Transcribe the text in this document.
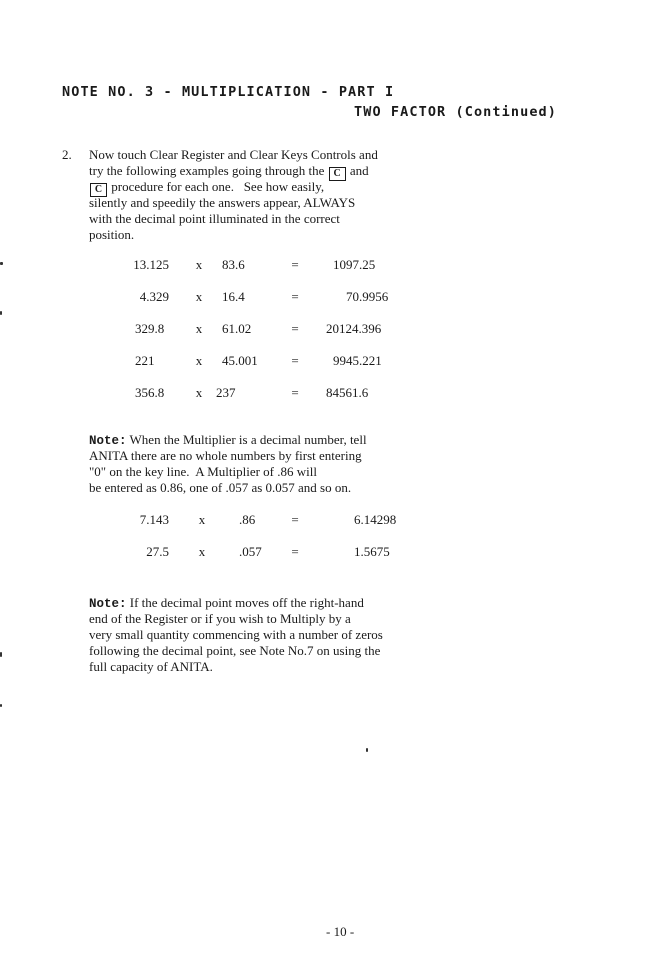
NOTE NO. 3 - MULTIPLICATION - PART I
TWO FACTOR (Continued)
2. Now touch Clear Register and Clear Keys Controls and
try the following examples going through the C and
C procedure for each one.   See how easily,
silently and speedily the answers appear, ALWAYS
with the decimal point illuminated in the correct
position.
13.125 x 83.6	=	1097.25
4.329 x 16.4	=	70.9956
329.8 x 61.02	= 20124.396
221	x 45.001	=	9945.221
356.8 x 237	= 84561.6
Note: When the Multiplier is a decimal number, tell
ANITA there are no whole numbers by first entering
"0" on the key line.  A Multiplier of .86 will
be entered as 0.86, one of .057 as 0.057 and so on.
7.143 x	.86	=	6.14298
27.5 x	.057 =	1.5675
Note: If the decimal point moves off the right-hand
end of the Register or if you wish to Multiply by a
very small quantity commencing with a number of zeros
following the decimal point, see Note No.7 on using the
full capacity of ANITA.
- 10 -
